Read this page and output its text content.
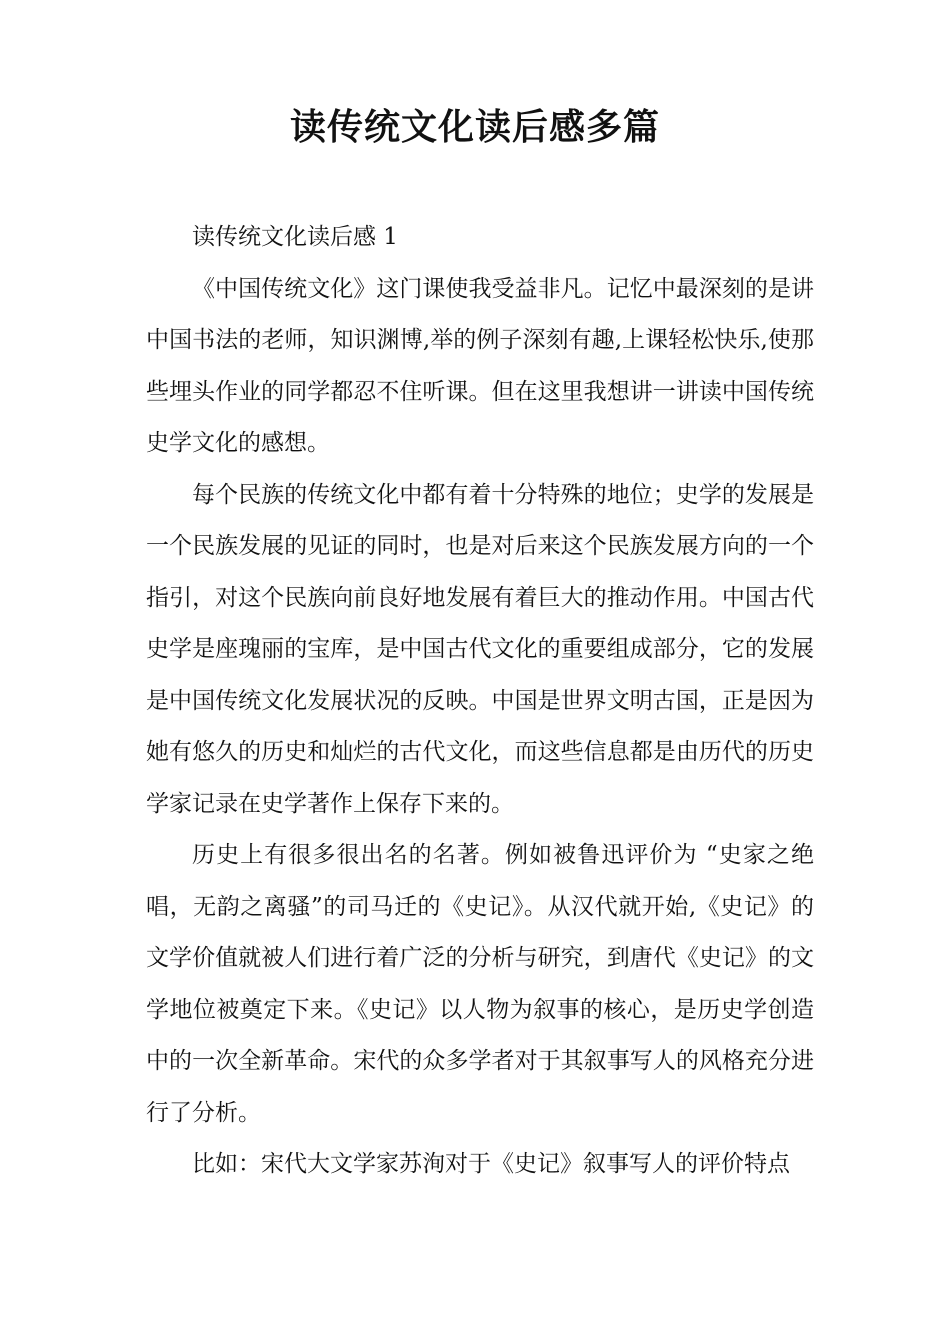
读传统文化读后感多篇
读传统文化读后感 1

《中国传统文化》这门课使我受益非凡。记忆中最深刻的是讲中国书法的老师，知识渊博,举的例子深刻有趣,上课轻松快乐,使那些埋头作业的同学都忍不住听课。但在这里我想讲一讲读中国传统史学文化的感想。

每个民族的传统文化中都有着十分特殊的地位；史学的发展是一个民族发展的见证的同时，也是对后来这个民族发展方向的一个指引，对这个民族向前良好地发展有着巨大的推动作用。中国古代史学是座瑰丽的宝库，是中国古代文化的重要组成部分，它的发展是中国传统文化发展状况的反映。中国是世界文明古国，正是因为她有悠久的历史和灿烂的古代文化，而这些信息都是由历代的历史学家记录在史学著作上保存下来的。

历史上有很多很出名的名著。例如被鲁迅评价为 “史家之绝唱，无韵之离骚”的司马迁的《史记》。从汉代就开始,《史记》的文学价值就被人们进行着广泛的分析与研究，到唐代《史记》的文学地位被奠定下来。《史记》以人物为叙事的核心，是历史学创造中的一次全新革命。宋代的众多学者对于其叙事写人的风格充分进行了分析。

比如：宋代大文学家苏洵对于《史记》叙事写人的评价特点
